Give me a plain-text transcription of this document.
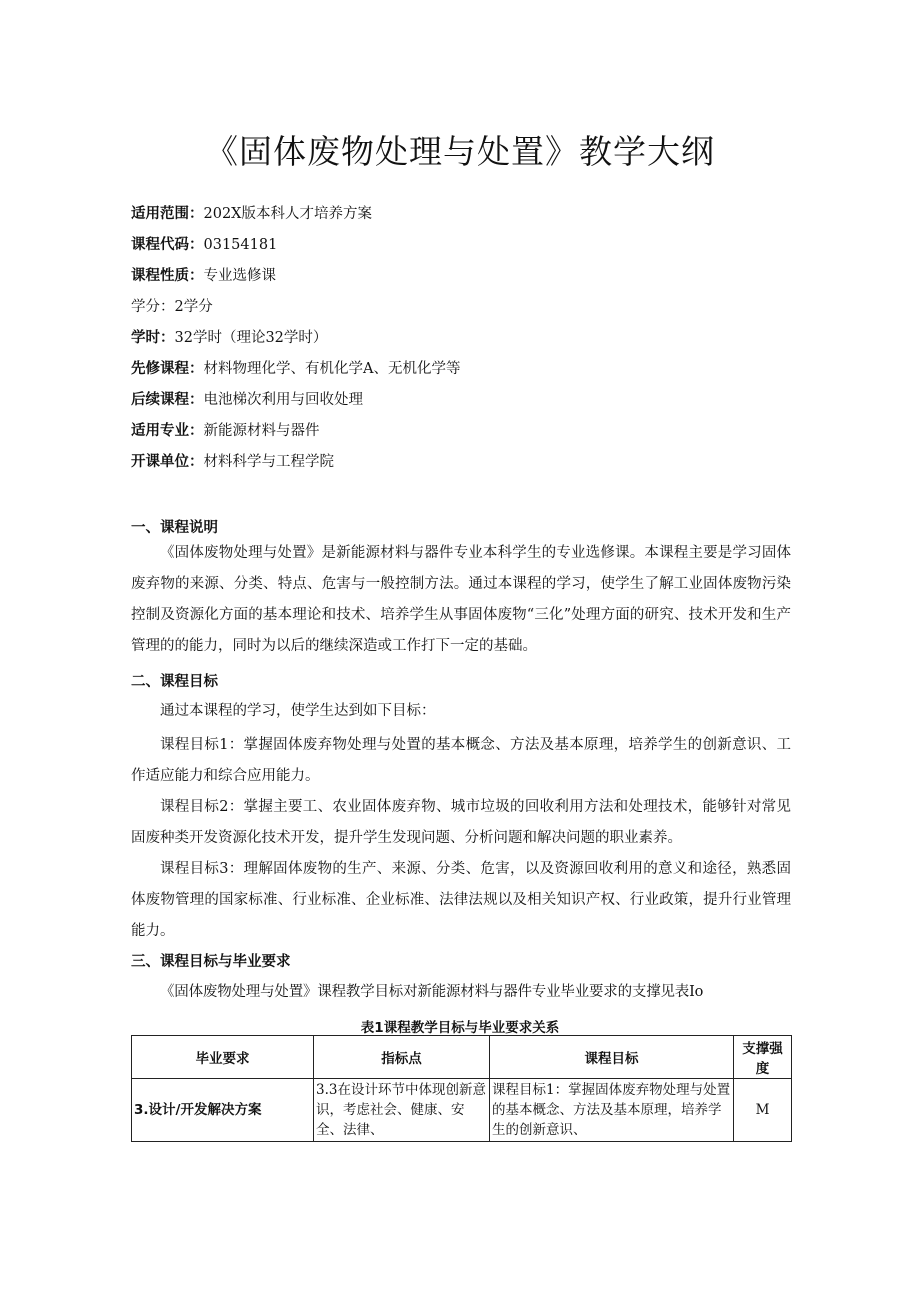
《固体废物处理与处置》教学大纲
适用范围：202X版本科人才培养方案
课程代码：03154181
课程性质：专业选修课
学分：2学分
学时：32学时（理论32学时）
先修课程：材料物理化学、有机化学A、无机化学等
后续课程：电池梯次利用与回收处理
适用专业：新能源材料与器件
开课单位：材料科学与工程学院
一、课程说明
《固体废物处理与处置》是新能源材料与器件专业本科学生的专业选修课。本课程主要是学习固体废弃物的来源、分类、特点、危害与一般控制方法。通过本课程的学习，使学生了解工业固体废物污染控制及资源化方面的基本理论和技术、培养学生从事固体废物“三化”处理方面的研究、技术开发和生产管理的的能力，同时为以后的继续深造或工作打下一定的基础。
二、课程目标
通过本课程的学习，使学生达到如下目标：
课程目标1：掌握固体废弃物处理与处置的基本概念、方法及基本原理，培养学生的创新意识、工作适应能力和综合应用能力。
课程目标2：掌握主要工、农业固体废弃物、城市垃圾的回收利用方法和处理技术，能够针对常见固废种类开发资源化技术开发，提升学生发现问题、分析问题和解决问题的职业素养。
课程目标3：理解固体废物的生产、来源、分类、危害，以及资源回收利用的意义和途径，熟悉固体废物管理的国家标准、行业标准、企业标准、法律法规以及相关知识产权、行业政策，提升行业管理能力。
三、课程目标与毕业要求
《固体废物处理与处置》课程教学目标对新能源材料与器件专业毕业要求的支撑见表Io
表1课程教学目标与毕业要求关系
毕业要求	指标点	课程目标	支撑强度
3.设计/开发解决方案	3.3在设计环节中体现创新意识，考虑社会、健康、安全、法律、	课程目标1：掌握固体废弃物处理与处置的基本概念、方法及基本原理，培养学生的创新意识、	M
